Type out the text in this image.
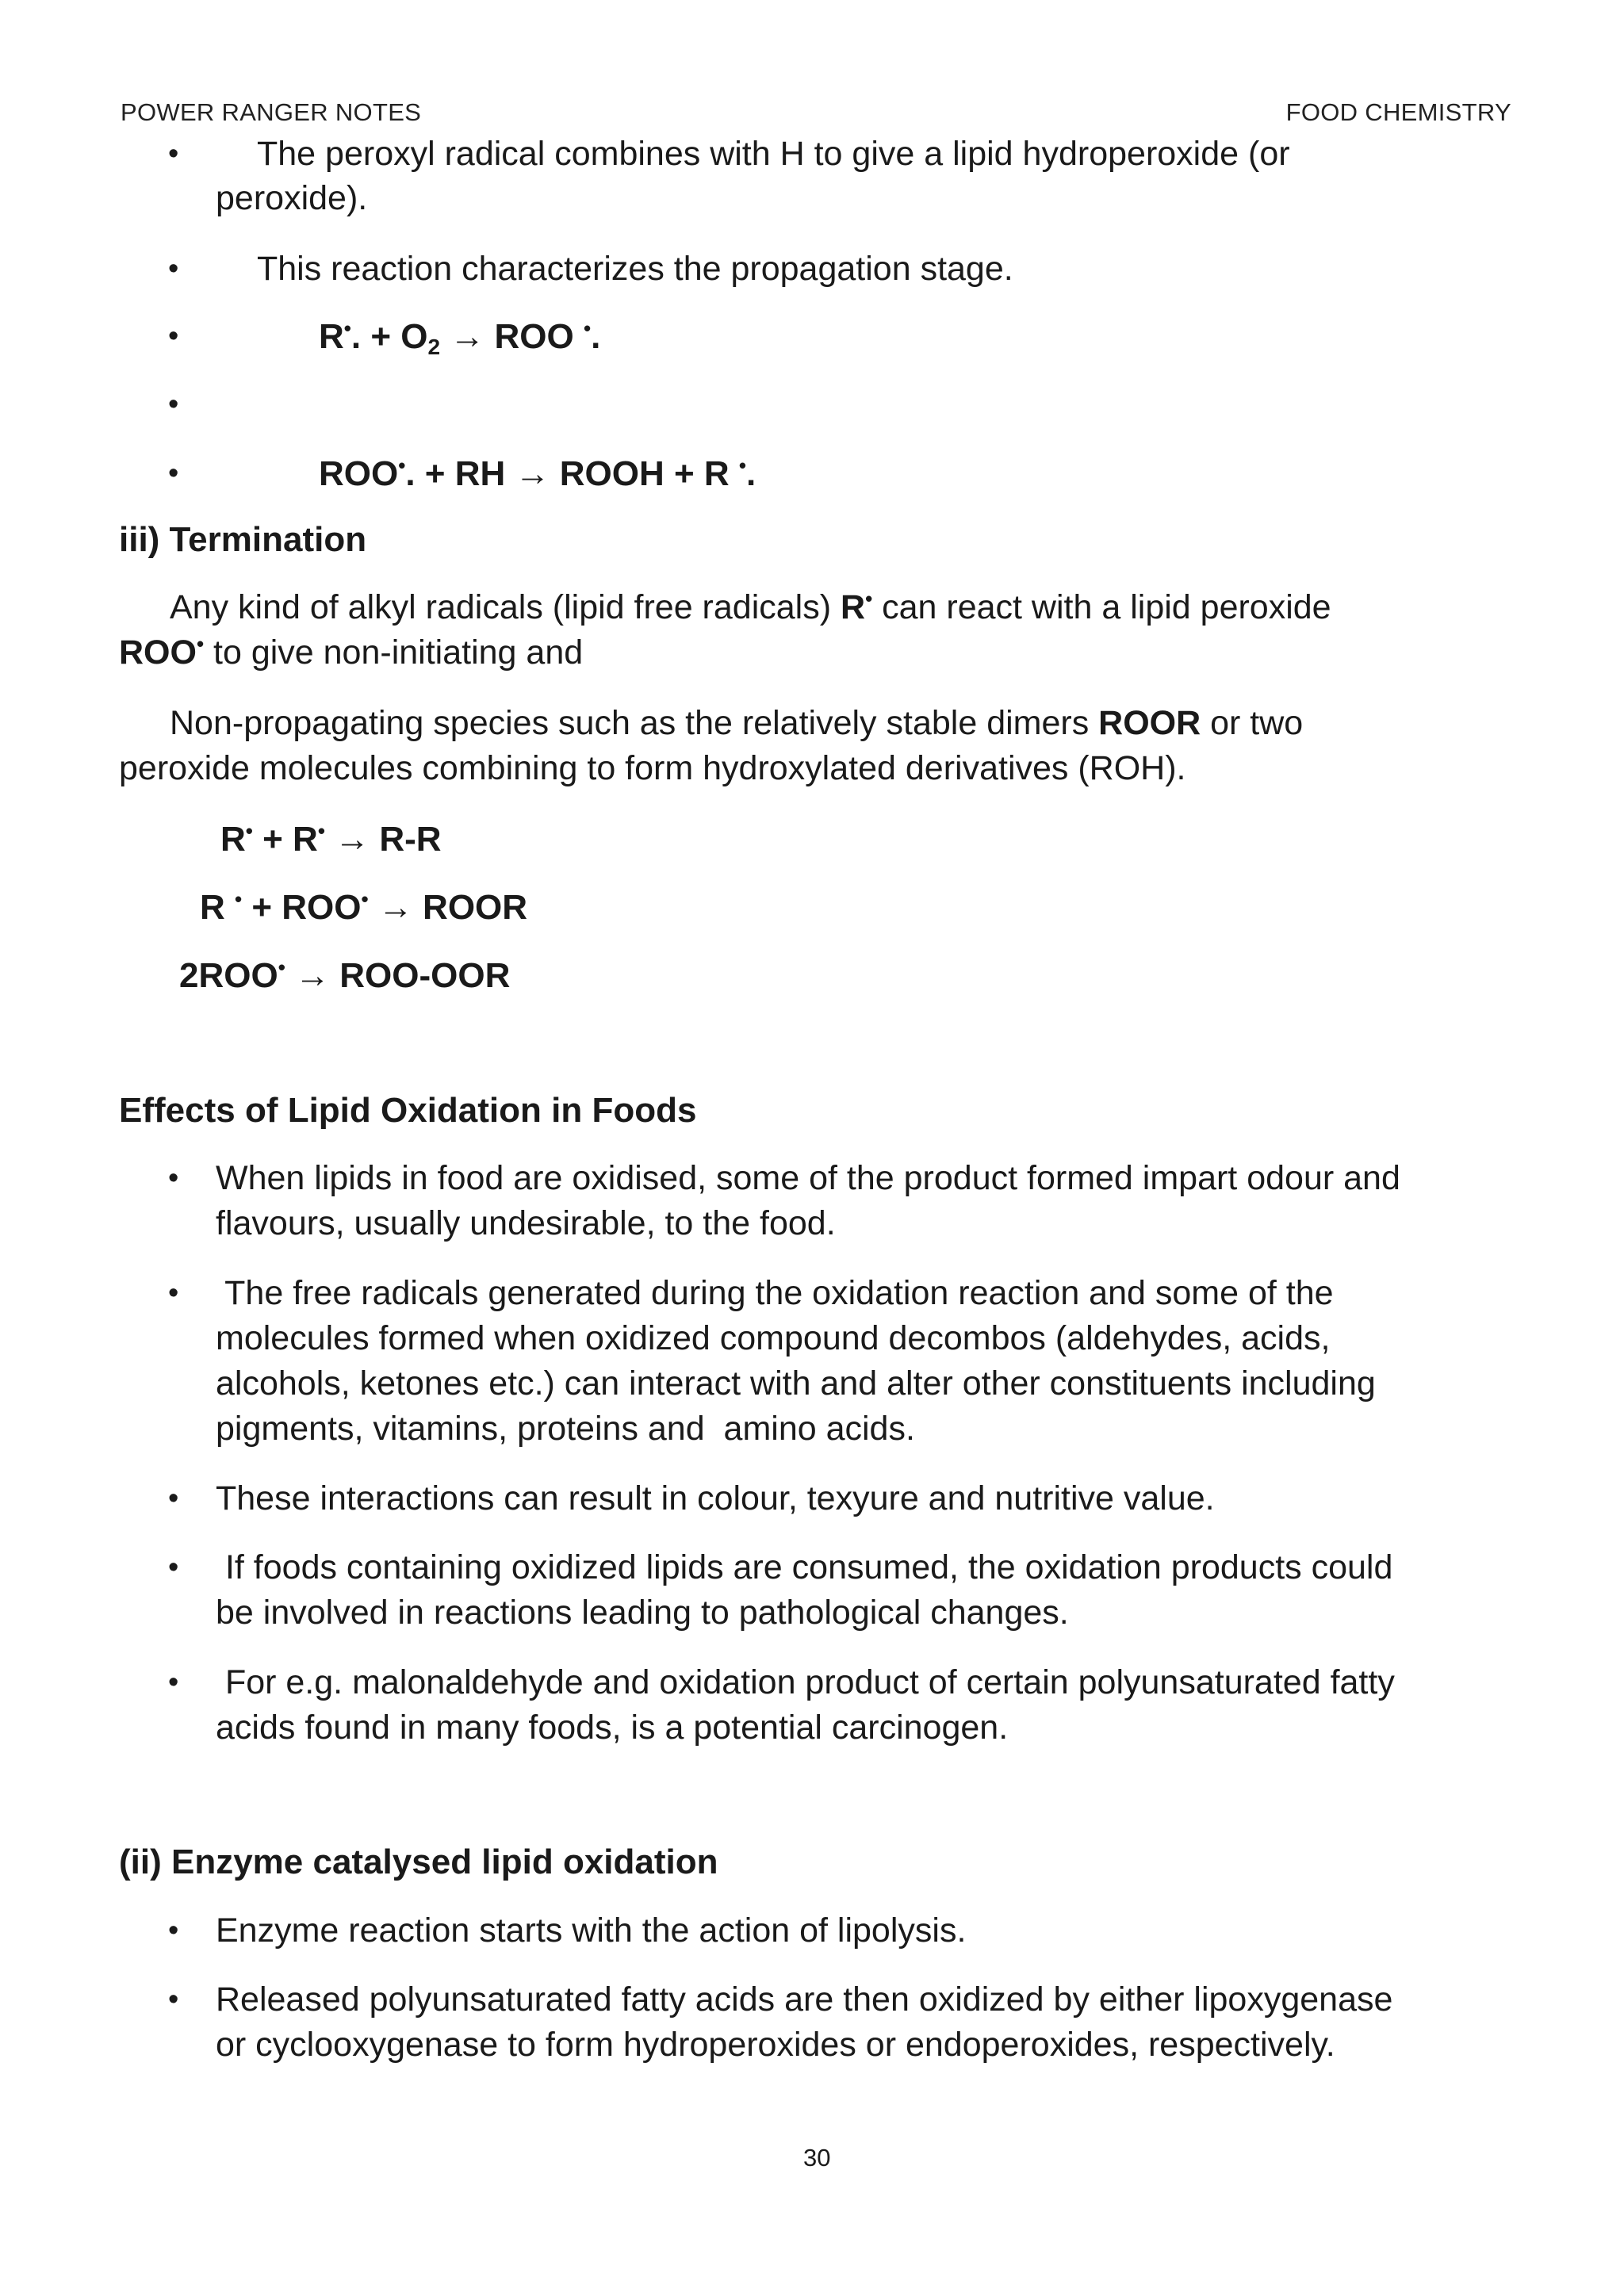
POWER RANGER NOTES	FOOD CHEMISTRY
• The peroxyl radical combines with H to give a lipid hydroperoxide (or
peroxide).
• This reaction characterizes the propagation stage.
•	R•. + O2 → ROO •.
•
•	ROO•. + RH → ROOH + R •.
iii) Termination
Any kind of alkyl radicals (lipid free radicals) R• can react with a lipid peroxide
ROO• to give non-initiating and
Non-propagating species such as the relatively stable dimers ROOR or two
peroxide molecules combining to form hydroxylated derivatives (ROH).
R• + R• → R-R
R • + ROO• → ROOR
2ROO• → ROO-OOR
Effects of Lipid Oxidation in Foods
• When lipids in food are oxidised, some of the product formed impart odour and
flavours, usually undesirable, to the food.
• The free radicals generated during the oxidation reaction and some of the
molecules formed when oxidized compound decombos (aldehydes, acids,
alcohols, ketones etc.) can interact with and alter other constituents including
pigments, vitamins, proteins and  amino acids.
• These interactions can result in colour, texyure and nutritive value.
• If foods containing oxidized lipids are consumed, the oxidation products could
be involved in reactions leading to pathological changes.
• For e.g. malonaldehyde and oxidation product of certain polyunsaturated fatty
acids found in many foods, is a potential carcinogen.
(ii) Enzyme catalysed lipid oxidation
• Enzyme reaction starts with the action of lipolysis.
• Released polyunsaturated fatty acids are then oxidized by either lipoxygenase
or cyclooxygenase to form hydroperoxides or endoperoxides, respectively.
30
